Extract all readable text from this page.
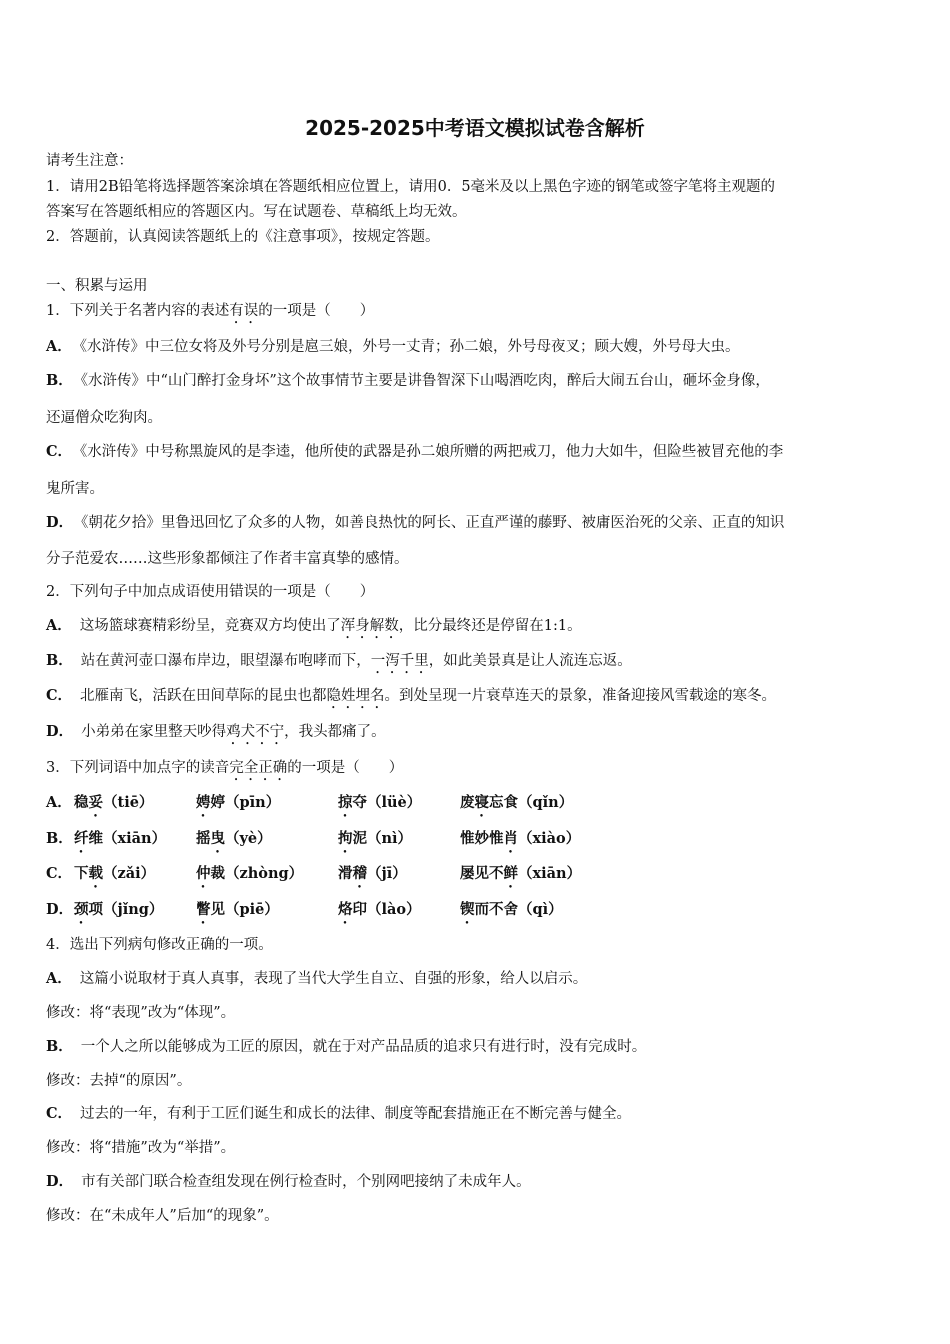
2025-2025中考语文模拟试卷含解析
请考生注意：
1．请用2B铅笔将选择题答案涂填在答题纸相应位置上，请用0．5毫米及以上黑色字迹的钢笔或签字笔将主观题的
答案写在答题纸相应的答题区内。写在试题卷、草稿纸上均无效。
2．答题前，认真阅读答题纸上的《注意事项》，按规定答题。
一、积累与运用
1．下列关于名著内容的表述有误的一项是（　　）
A． 《水浒传》中三位女将及外号分别是扈三娘，外号一丈青；孙二娘，外号母夜叉；顾大嫂，外号母大虫。
B． 《水浒传》中“山门醉打金身坏”这个故事情节主要是讲鲁智深下山喝酒吃肉，醉后大闹五台山，砸坏金身像，
还逼僧众吃狗肉。
C． 《水浒传》中号称黑旋风的是李逵，他所使的武器是孙二娘所赠的两把戒刀，他力大如牛，但险些被冒充他的李
鬼所害。
D． 《朝花夕拾》里鲁迅回忆了众多的人物，如善良热忱的阿长、正直严谨的藤野、被庸医治死的父亲、正直的知识
分子范爱农……这些形象都倾注了作者丰富真挚的感情。
2．下列句子中加点成语使用错误的一项是（　　）
A． 这场篮球赛精彩纷呈，竞赛双方均使出了浑身解数，比分最终还是停留在1:1。
B． 站在黄河壶口瀑布岸边，眼望瀑布咆哮而下，一泻千里，如此美景真是让人流连忘返。
C． 北雁南飞，活跃在田间草际的昆虫也都隐姓埋名。到处呈现一片衰草连天的景象，准备迎接风雪载途的寒冬。
D． 小弟弟在家里整天吵得鸡犬不宁，我头都痛了。
3．下列词语中加点字的读音完全正确的一项是（　　）
A． 稳妥（tiē）	娉婷（pīn）	掠夺（lüè）	废寝忘食（qǐn）
B． 纤维（xiān） 摇曳（yè）	拘泥（nì）	惟妙惟肖（xiào）
C． 下载（zǎi）	仲裁（zhòng） 滑稽（jī）	屡见不鲜（xiān）
D． 颈项（jǐng） 瞥见（piē）	烙印（lào）	锲而不舍（qì）
4．选出下列病句修改正确的一项。
A． 这篇小说取材于真人真事，表现了当代大学生自立、自强的形象，给人以启示。
修改：将“表现”改为“体现”。
B． 一个人之所以能够成为工匠的原因，就在于对产品品质的追求只有进行时，没有完成时。
修改：去掉“的原因”。
C． 过去的一年，有利于工匠们诞生和成长的法律、制度等配套措施正在不断完善与健全。
修改：将“措施”改为“举措”。
D． 市有关部门联合检查组发现在例行检查时，个别网吧接纳了未成年人。
修改：在“未成年人”后加“的现象”。
